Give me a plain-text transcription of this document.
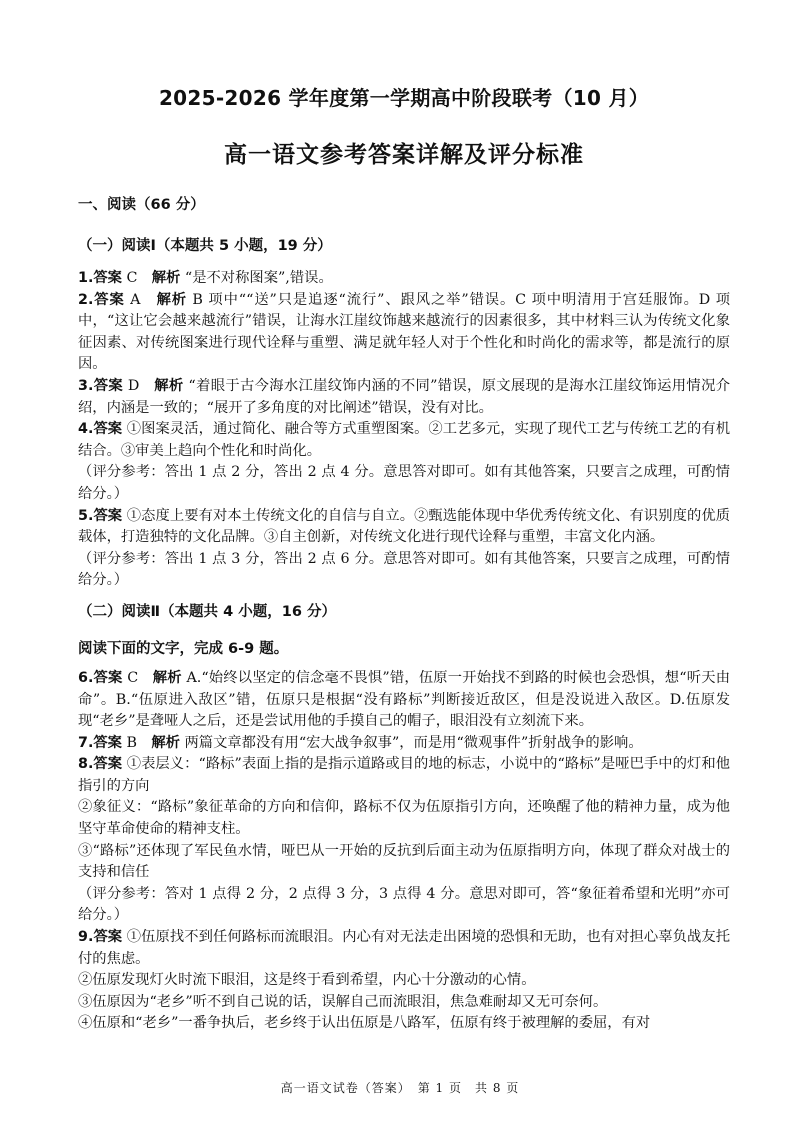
2025-2026 学年度第一学期高中阶段联考（10 月）
高一语文参考答案详解及评分标准
一、阅读（66 分）
（一）阅读Ⅰ（本题共 5 小题，19 分）

1.答案 C　 解析 “是不对称图案”,错误。

2.答案 A　 解析 B 项中““送”只是追逐“流行”、跟风之举”错误。C 项中明清用于宫廷服饰。D 项中，“这让它会越来越流行”错误，让海水江崖纹饰越来越流行的因素很多，其中材料三认为传统文化象征因素、对传统图案进行现代诠释与重塑、满足就年轻人对于个性化和时尚化的需求等，都是流行的原因。

3.答案 D　 解析 “着眼于古今海水江崖纹饰内涵的不同”错误，原文展现的是海水江崖纹饰运用情况介绍，内涵是一致的；“展开了多角度的对比阐述”错误，没有对比。

4.答案 ①图案灵活，通过简化、融合等方式重塑图案。②工艺多元，实现了现代工艺与传统工艺的有机结合。③审美上趋向个性化和时尚化。

（评分参考：答出 1 点 2 分，答出 2 点 4 分。意思答对即可。如有其他答案，只要言之成理，可酌情给分。）

5.答案 ①态度上要有对本土传统文化的自信与自立。②甄选能体现中华优秀传统文化、有识别度的优质载体，打造独特的文化品牌。③自主创新，对传统文化进行现代诠释与重塑，丰富文化内涵。

（评分参考：答出 1 点 3 分，答出 2 点 6 分。意思答对即可。如有其他答案，只要言之成理，可酌情给分。）

（二）阅读Ⅱ（本题共 4 小题，16 分）
阅读下面的文字，完成 6-9 题。

6.答案 C　 解析 A.“始终以坚定的信念毫不畏惧”错，伍原一开始找不到路的时候也会恐惧，想“听天由命”。B.“伍原进入敌区”错，伍原只是根据“没有路标”判断接近敌区，但是没说进入敌区。D.伍原发现“老乡”是聋哑人之后，还是尝试用他的手摸自己的帽子，眼泪没有立刻流下来。

7.答案 B　 解析 两篇文章都没有用“宏大战争叙事”，而是用“微观事件”折射战争的影响。

8.答案 ①表层义：“路标”表面上指的是指示道路或目的地的标志，小说中的“路标”是哑巴手中的灯和他指引的方向

②象征义：“路标”象征革命的方向和信仰，路标不仅为伍原指引方向，还唤醒了他的精神力量，成为他坚守革命使命的精神支柱。

③“路标”还体现了军民鱼水情，哑巴从一开始的反抗到后面主动为伍原指明方向，体现了群众对战士的支持和信任

（评分参考：答对 1 点得 2 分，2 点得 3 分，3 点得 4 分。意思对即可，答“象征着希望和光明”亦可给分。）

9.答案 ①伍原找不到任何路标而流眼泪。内心有对无法走出困境的恐惧和无助，也有对担心辜负战友托付的焦虑。

②伍原发现灯火时流下眼泪，这是终于看到希望，内心十分激动的心情。

③伍原因为“老乡”听不到自己说的话，误解自己而流眼泪，焦急难耐却又无可奈何。

④伍原和“老乡”一番争执后，老乡终于认出伍原是八路军，伍原有终于被理解的委屈，有对

高一语文试卷（答案）　第 1 页　共 8 页
